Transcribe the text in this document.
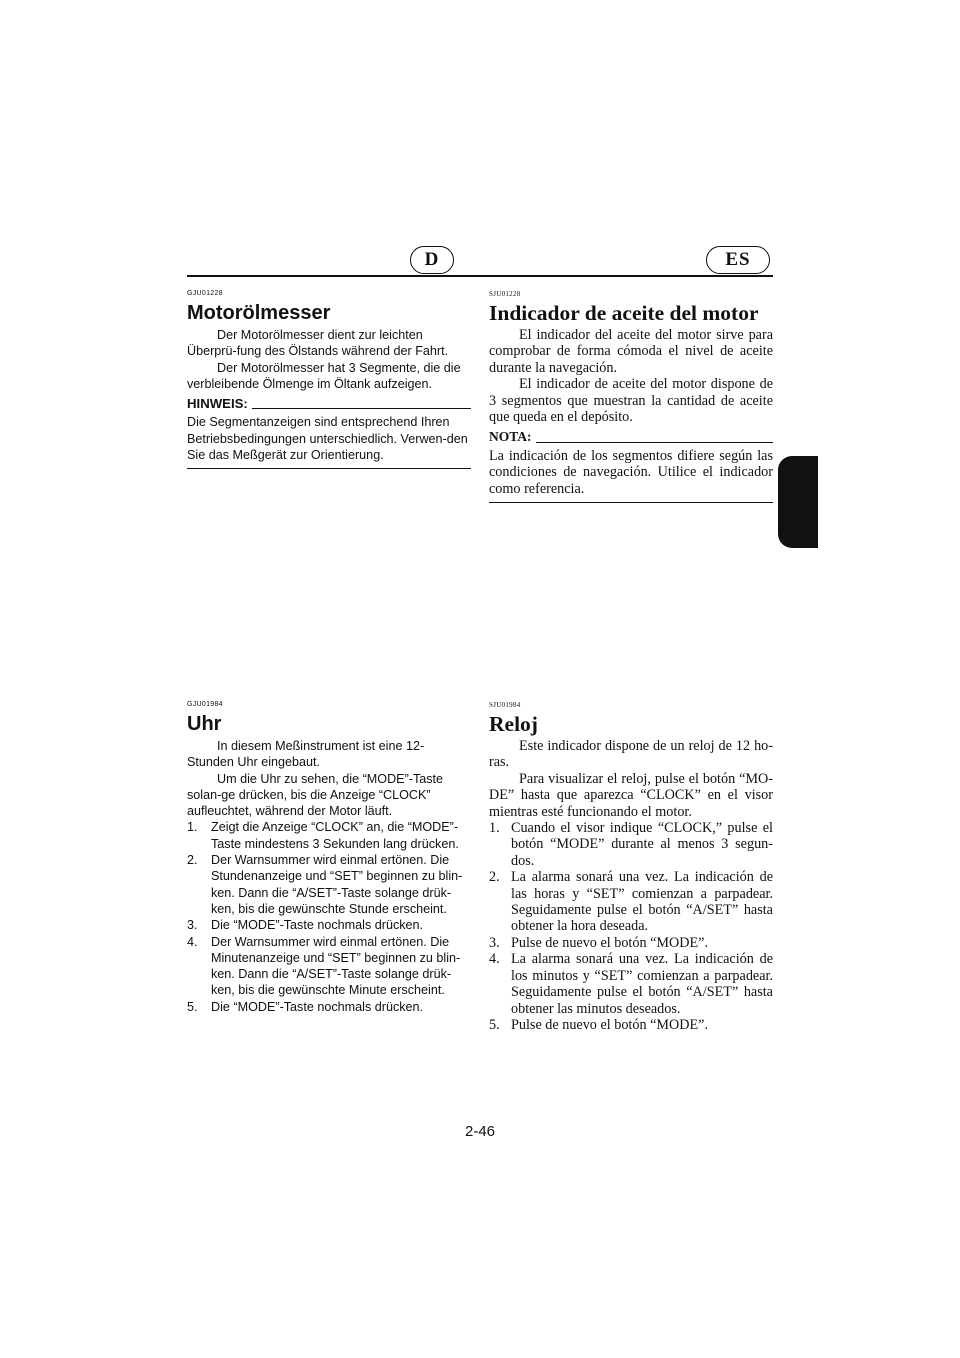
D	ES
GJU01228
Motorölmesser

Der Motorölmesser dient zur leichten Überprü-fung des Ölstands während der Fahrt.

Der Motorölmesser hat 3 Segmente, die die verbleibende Ölmenge im Öltank aufzeigen.

HINWEIS:

Die Segmentanzeigen sind entsprechend Ihren Betriebsbedingungen unterschiedlich. Verwen-den Sie das Meßgerät zur Orientierung.

SJU01228
Indicador de aceite del motor

El indicador del aceite del motor sirve para comprobar de forma cómoda el nivel de aceite durante la navegación.

El indicador de aceite del motor dispone de 3 segmentos que muestran la cantidad de aceite que queda en el depósito.

NOTA:

La indicación de los segmentos difiere según las condiciones de navegación. Utilice el indicador como referencia.

GJU01984
Uhr

In diesem Meßinstrument ist eine 12-Stunden Uhr eingebaut.

Um die Uhr zu sehen, die “MODE”-Taste solan-ge drücken, bis die Anzeige “CLOCK” aufleuchtet, während der Motor läuft.

1. Zeigt die Anzeige “CLOCK” an, die “MODE”-Taste mindestens 3 Sekunden lang drücken.
2. Der Warnsummer wird einmal ertönen. Die Stundenanzeige und “SET” beginnen zu blin-ken. Dann die “A/SET”-Taste solange drük-ken, bis die gewünschte Stunde erscheint.
3. Die “MODE”-Taste nochmals drücken.
4. Der Warnsummer wird einmal ertönen. Die Minutenanzeige und “SET” beginnen zu blin-ken. Dann die “A/SET”-Taste solange drük-ken, bis die gewünschte Minute erscheint.
5. Die “MODE”-Taste nochmals drücken.
SJU01984
Reloj

Este indicador dispone de un reloj de 12 ho-ras.

Para visualizar el reloj, pulse el botón “MO-DE” hasta que aparezca “CLOCK” en el visor mientras esté funcionando el motor.

1. Cuando el visor indique “CLOCK,” pulse el botón “MODE” durante al menos 3 segun-dos.
2. La alarma sonará una vez. La indicación de las horas y “SET” comienzan a parpadear. Seguidamente pulse el botón “A/SET” hasta obtener la hora deseada.
3. Pulse de nuevo el botón “MODE”.
4. La alarma sonará una vez. La indicación de los minutos y “SET” comienzan a parpadear. Seguidamente pulse el botón “A/SET” hasta obtener las minutos deseados.
5. Pulse de nuevo el botón “MODE”.
2-46
